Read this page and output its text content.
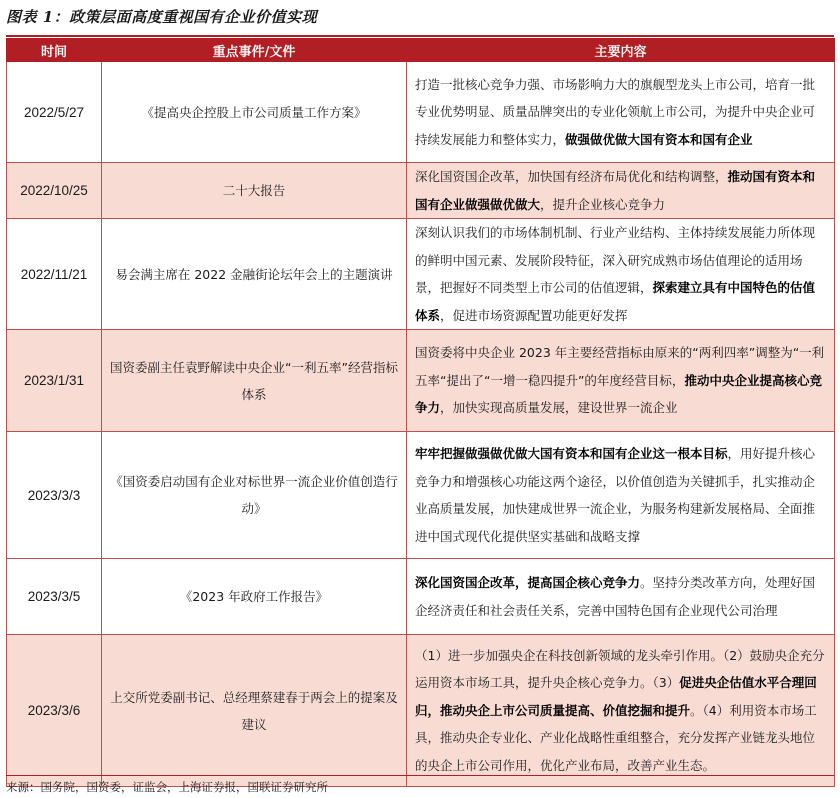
图表 1：政策层面高度重视国有企业价值实现
时间	重点事件/文件	主要内容
2022/5/27	《提高央企控股上市公司质量工作方案》	打造一批核心竞争力强、市场影响力大的旗舰型龙头上市公司，培育一批专业优势明显、质量品牌突出的专业化领航上市公司，为提升中央企业可持续发展能力和整体实力，做强做优做大国有资本和国有企业
2022/10/25	二十大报告	深化国资国企改革，加快国有经济布局优化和结构调整，推动国有资本和国有企业做强做优做大，提升企业核心竞争力
2022/11/21	易会满主席在 2022 金融街论坛年会上的主题演讲	深刻认识我们的市场体制机制、行业产业结构、主体持续发展能力所体现的鲜明中国元素、发展阶段特征，深入研究成熟市场估值理论的适用场景，把握好不同类型上市公司的估值逻辑，探索建立具有中国特色的估值体系，促进市场资源配置功能更好发挥
2023/1/31	国资委副主任袁野解读中央企业“一利五率”经营指标体系	国资委将中央企业 2023 年主要经营指标由原来的“两利四率”调整为“一利五率“提出了“一增一稳四提升”的年度经营目标，推动中央企业提高核心竞争力，加快实现高质量发展，建设世界一流企业
2023/3/3	《国资委启动国有企业对标世界一流企业价值创造行动》	牢牢把握做强做优做大国有资本和国有企业这一根本目标，用好提升核心竞争力和增强核心功能这两个途径，以价值创造为关键抓手，扎实推动企业高质量发展，加快建成世界一流企业，为服务构建新发展格局、全面推进中国式现代化提供坚实基础和战略支撑
2023/3/5	《2023 年政府工作报告》	深化国资国企改革，提高国企核心竞争力。坚持分类改革方向，处理好国企经济责任和社会责任关系，完善中国特色国有企业现代公司治理
2023/3/6	上交所党委副书记、总经理蔡建春于两会上的提案及建议	（1）进一步加强央企在科技创新领域的龙头牵引作用。（2）鼓励央企充分运用资本市场工具，提升央企核心竞争力。（3）促进央企估值水平合理回归，推动央企上市公司质量提高、价值挖掘和提升。（4）利用资本市场工具，推动央企专业化、产业化战略性重组整合，充分发挥产业链龙头地位的央企上市公司作用，优化产业布局，改善产业生态。
来源：国务院，国资委，证监会，上海证券报，国联证券研究所
